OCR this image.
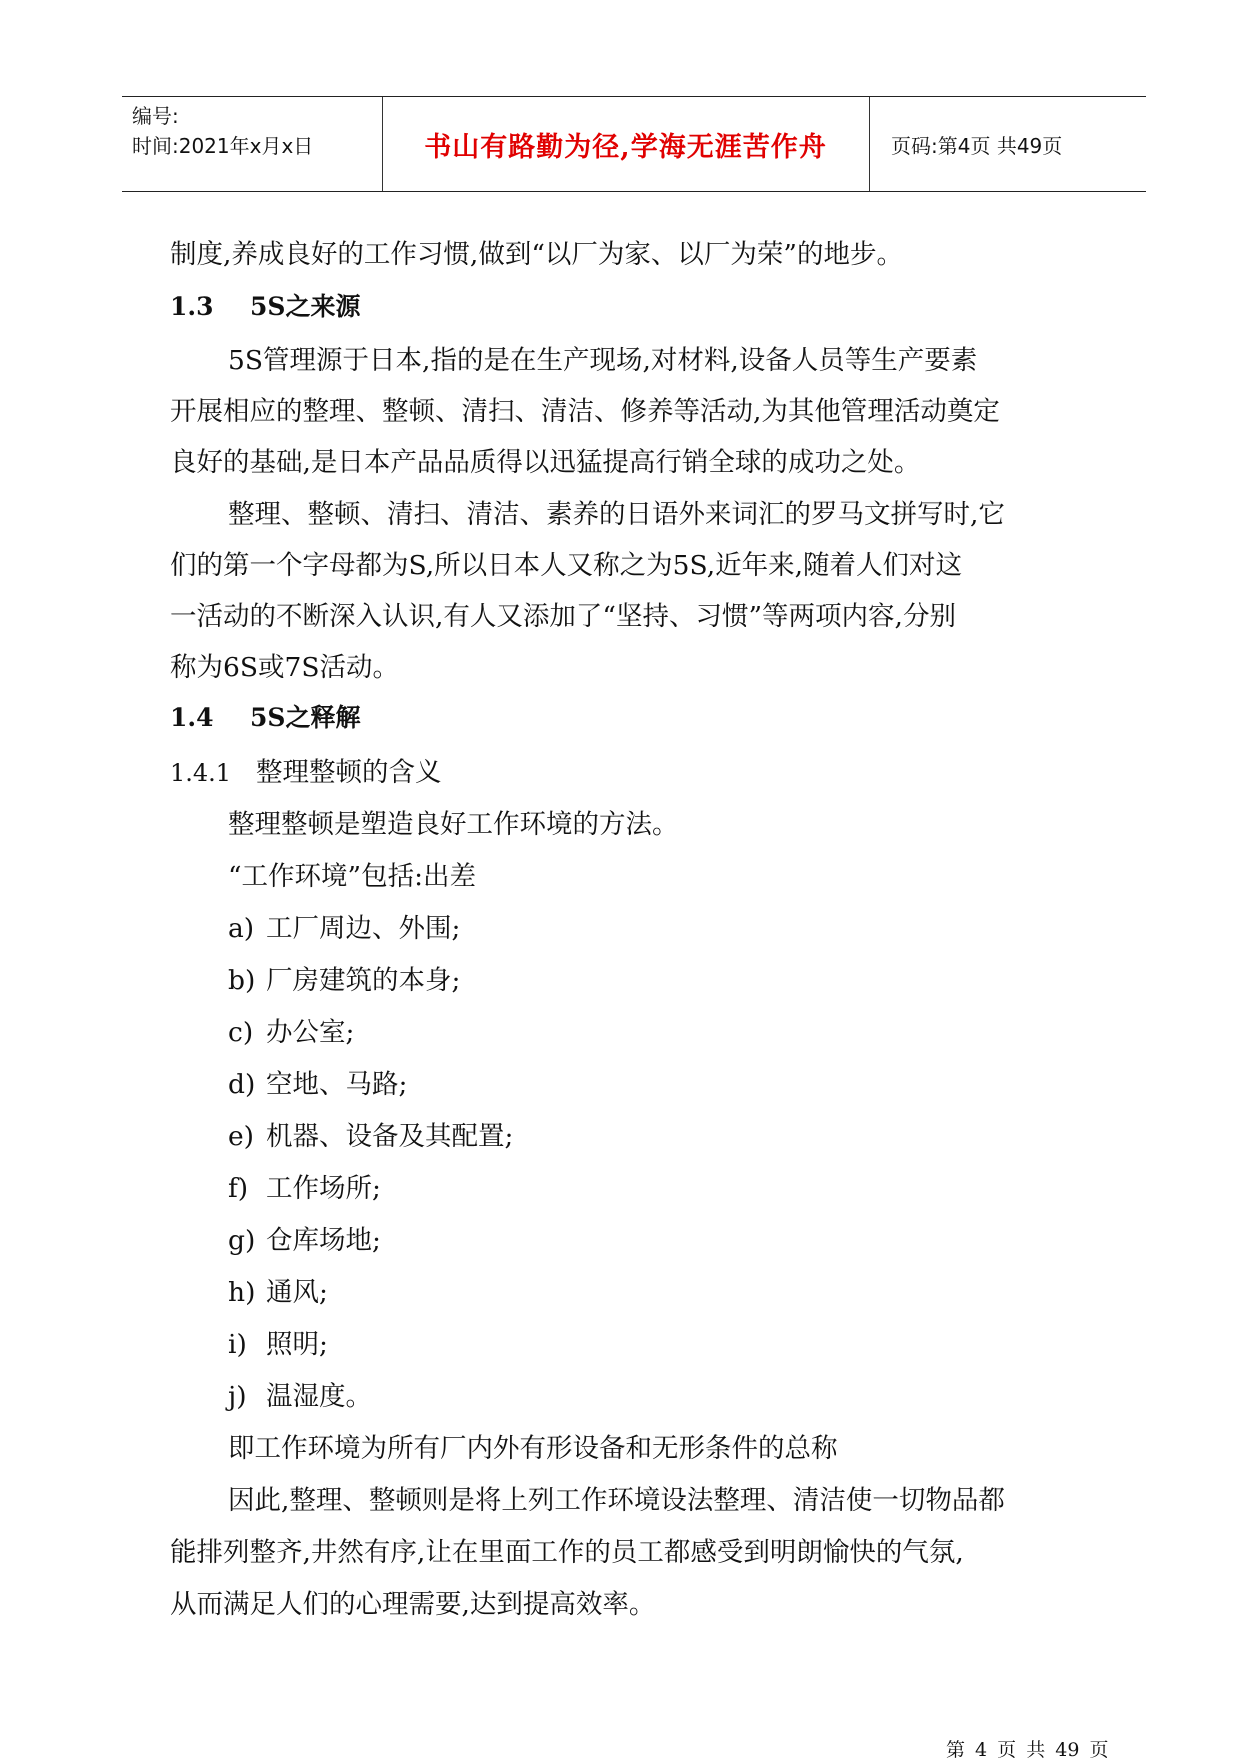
编号:
时间:2021年x月x日	书山有路勤为径,学海无涯苦作舟	页码:第4页 共49页
制度,养成良好的工作习惯,做到“以厂为家、以厂为荣”的地步。
1.3 5S之来源
5S管理源于日本,指的是在生产现场,对材料,设备人员等生产要素
开展相应的整理、整顿、清扫、清洁、修养等活动,为其他管理活动奠定
良好的基础,是日本产品品质得以迅猛提高行销全球的成功之处。
整理、整顿、清扫、清洁、素养的日语外来词汇的罗马文拼写时,它
们的第一个字母都为S,所以日本人又称之为5S,近年来,随着人们对这
一活动的不断深入认识,有人又添加了“坚持、习惯”等两项内容,分别
称为6S或7S活动。
1.4 5S之释解
1.4.1 整理整顿的含义
整理整顿是塑造良好工作环境的方法。
“工作环境”包括:出差
a) 工厂周边、外围;
b) 厂房建筑的本身;
c) 办公室;
d) 空地、马路;
e) 机器、设备及其配置;
f) 工作场所;
g) 仓库场地;
h) 通风;
i) 照明;
j) 温湿度。
即工作环境为所有厂内外有形设备和无形条件的总称
因此,整理、整顿则是将上列工作环境设法整理、清洁使一切物品都
能排列整齐,井然有序,让在里面工作的员工都感受到明朗愉快的气氛,
从而满足人们的心理需要,达到提高效率。
第 4 页 共 49 页
